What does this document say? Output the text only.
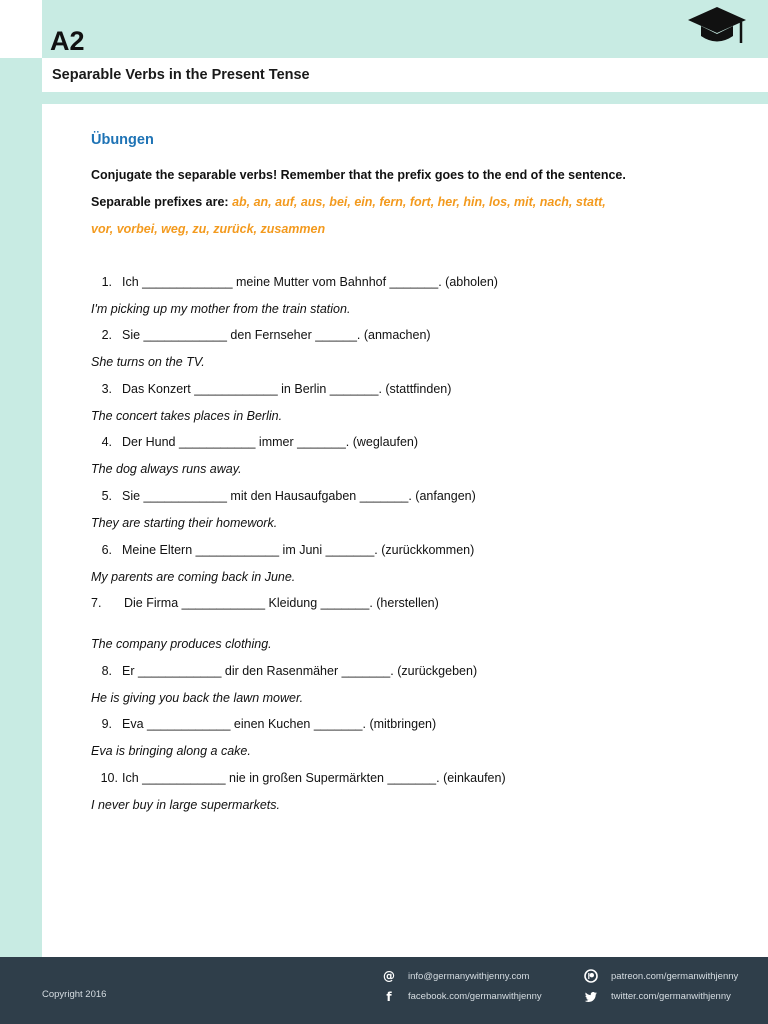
A2
Separable Verbs in the Present Tense
Übungen
Conjugate the separable verbs! Remember that the prefix goes to the end of the sentence.
Separable prefixes are: ab, an, auf, aus, bei, ein, fern, fort, her, hin, los, mit, nach, statt,
vor, vorbei, weg, zu, zurück, zusammen
1. Ich _____________ meine Mutter vom Bahnhof _______. (abholen)
I'm picking up my mother from the train station.
2. Sie ____________ den Fernseher ______. (anmachen)
She turns on the TV.
3. Das Konzert ____________ in Berlin _______. (stattfinden)
The concert takes places in Berlin.
4. Der Hund ___________ immer _______. (weglaufen)
The dog always runs away.
5. Sie ____________ mit den Hausaufgaben _______. (anfangen)
They are starting their homework.
6. Meine Eltern ____________ im Juni _______. (zurückkommen)
My parents are coming back in June.
7. Die Firma ____________ Kleidung _______. (herstellen)
The company produces clothing.
8. Er ____________ dir den Rasenmäher _______. (zurückgeben)
He is giving you back the lawn mower.
9. Eva ____________ einen Kuchen _______. (mitbringen)
Eva is bringing along a cake.
10. Ich ____________ nie in großen Supermärkten _______. (einkaufen)
I never buy in large supermarkets.
Copyright 2016
@ info@germanywithjenny.com
f	facebook.com/germanwithjenny
patreon.com/germanwithjenny
twitter.com/germanwithjenny
